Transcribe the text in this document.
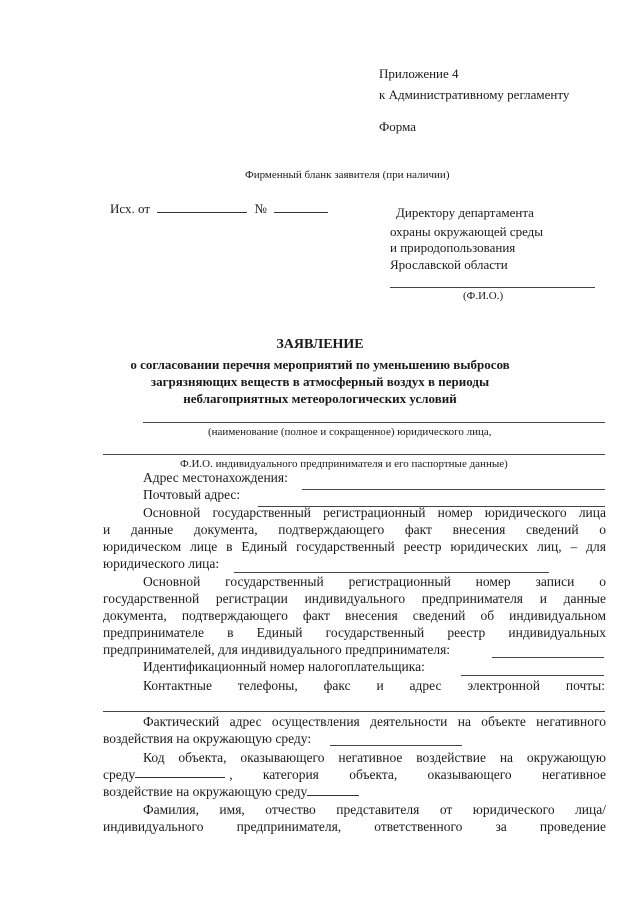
Приложение 4
к Административному регламенту
Форма
Фирменный бланк заявителя (при наличии)
Исх. от	№	Директору департамента
охраны окружающей среды
и природопользования
Ярославской области
(Ф.И.О.)
ЗАЯВЛЕНИЕ
о согласовании перечня мероприятий по уменьшению выбросов
загрязняющих веществ в атмосферный воздух в периоды
неблагоприятных метеорологических условий
(наименование (полное и сокращенное) юридического лица,
Ф.И.О. индивидуального предпринимателя и его паспортные данные)
Адрес местонахождения:
Почтовый адрес:
Основной государственный регистрационный номер юридического лица
и данные документа, подтверждающего факт внесения сведений о
юридическом лице в Единый государственный реестр юридических лиц, – для
юридического лица:
Основной государственный регистрационный номер записи о
государственной регистрации индивидуального предпринимателя и данные
документа, подтверждающего факт внесения сведений об индивидуальном
предпринимателе в Единый государственный реестр индивидуальных
предпринимателей, для индивидуального предпринимателя:
Идентификационный номер налогоплательщика:
Контактные телефоны, факс и адрес электронной почты:
Фактический адрес осуществления деятельности на объекте негативного
воздействия на окружающую среду:
Код объекта, оказывающего негативное воздействие на окружающую
среду	, категория объекта, оказывающего негативное
воздействие на окружающую среду
Фамилия, имя, отчество представителя от юридического лица/
индивидуального предпринимателя, ответственного за проведение
